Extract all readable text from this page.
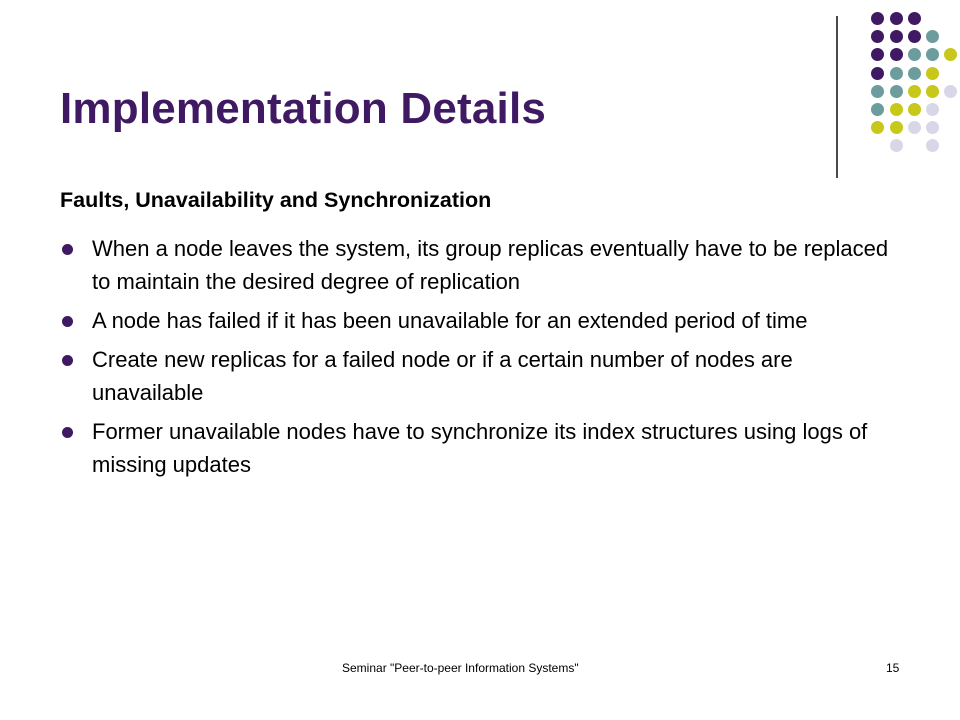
Implementation Details
Faults, Unavailability and Synchronization
When a node leaves the system, its group replicas eventually have to be replaced to maintain the desired degree of replication
A node has failed if it has been unavailable for an extended period of time
Create new replicas for a failed node or if a certain number of nodes are unavailable
Former unavailable nodes have to synchronize its index structures using logs of missing updates
Seminar "Peer-to-peer Information Systems"	15
